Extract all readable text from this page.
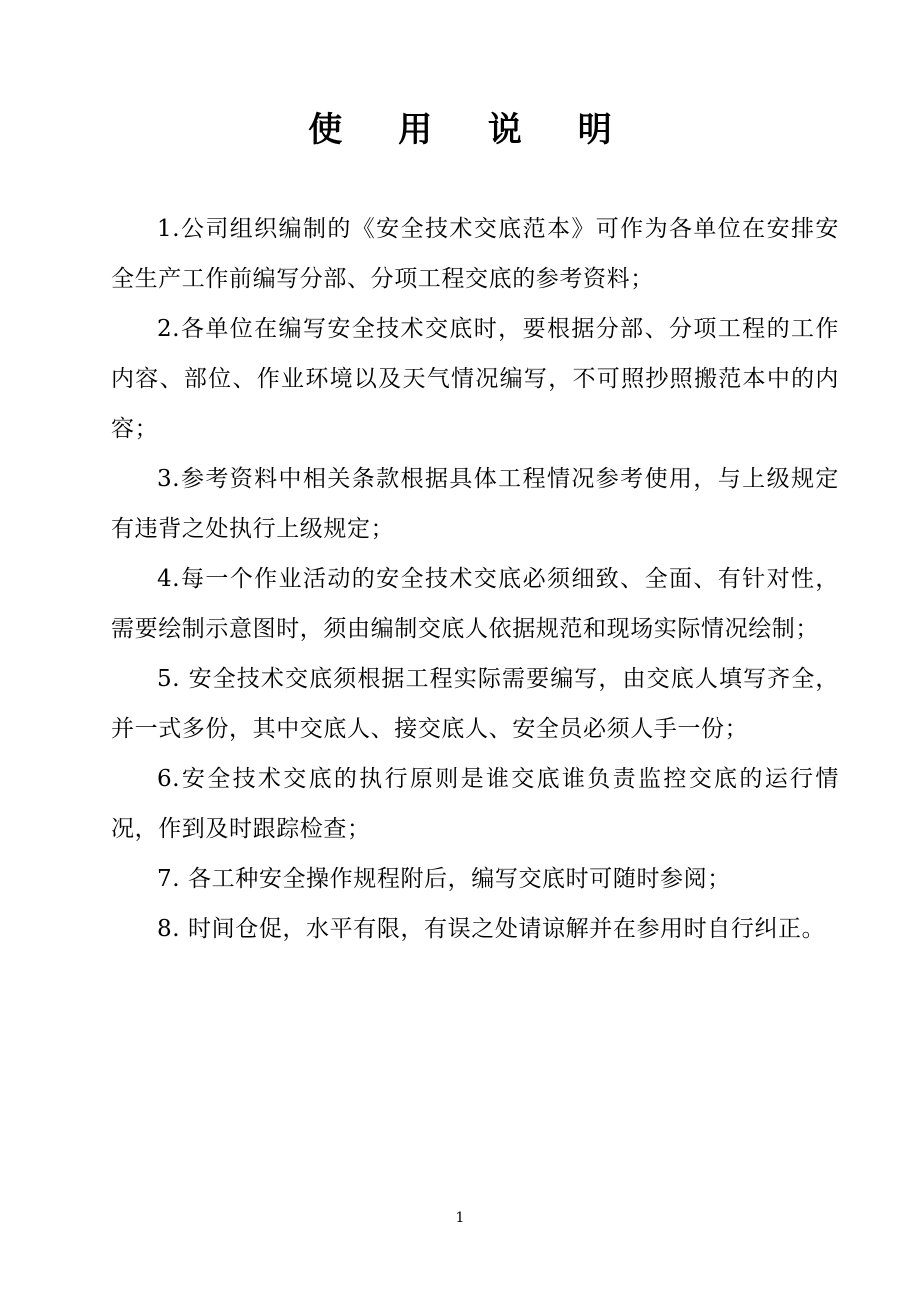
使 用 说 明

1.公司组织编制的《安全技术交底范本》可作为各单位在安排安全生产工作前编写分部、分项工程交底的参考资料；

2.各单位在编写安全技术交底时，要根据分部、分项工程的工作内容、部位、作业环境以及天气情况编写，不可照抄照搬范本中的内容；

3.参考资料中相关条款根据具体工程情况参考使用，与上级规定有违背之处执行上级规定；

4.每一个作业活动的安全技术交底必须细致、全面、有针对性，需要绘制示意图时，须由编制交底人依据规范和现场实际情况绘制；

5. 安全技术交底须根据工程实际需要编写，由交底人填写齐全，并一式多份，其中交底人、接交底人、安全员必须人手一份；

6.安全技术交底的执行原则是谁交底谁负责监控交底的运行情况，作到及时跟踪检查；

7. 各工种安全操作规程附后，编写交底时可随时参阅；

8. 时间仓促，水平有限，有误之处请谅解并在参用时自行纠正。

1
